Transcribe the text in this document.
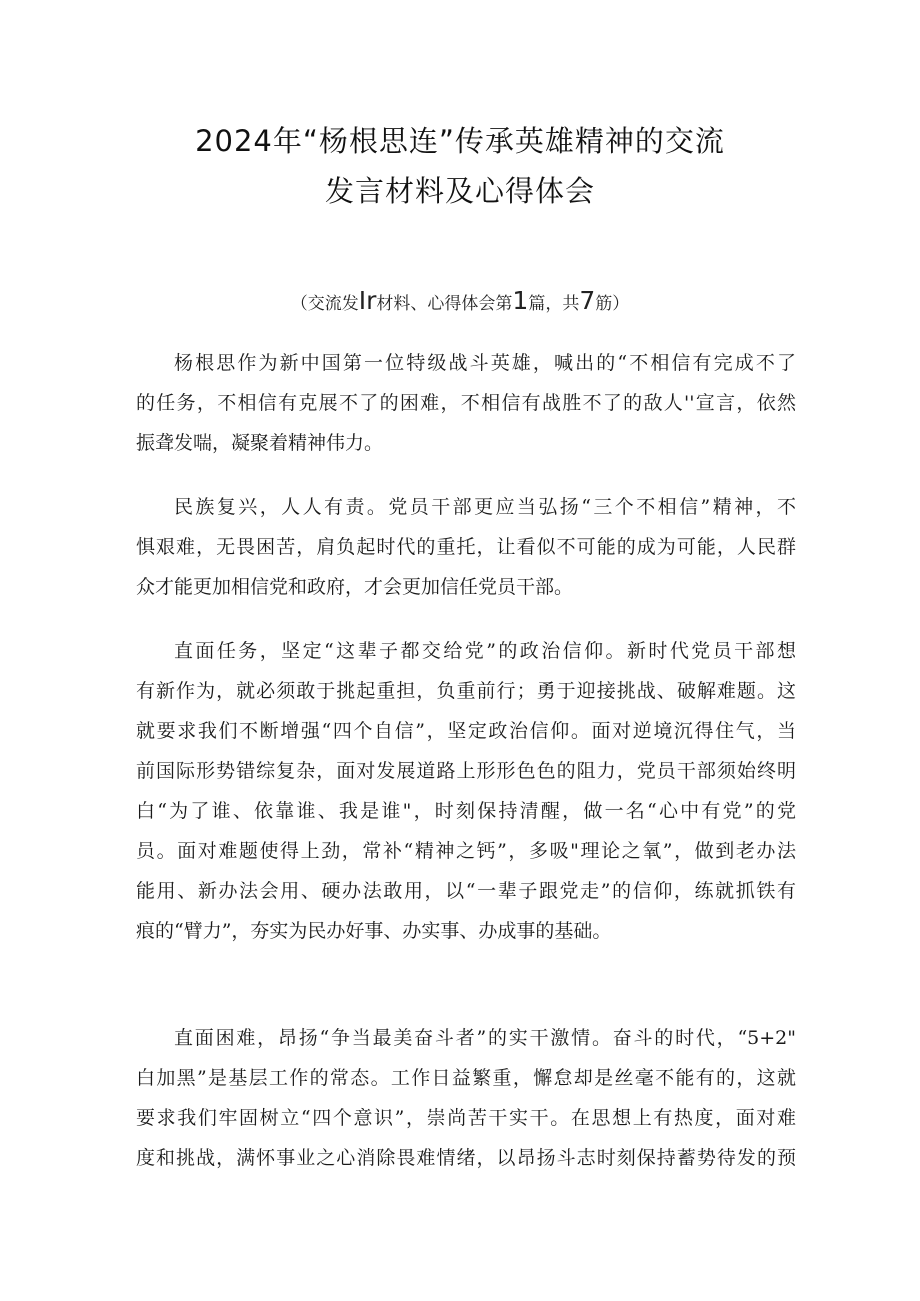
2024年“杨根思连”传承英雄精神的交流
发言材料及心得体会
（交流发Ir材料、心得体会第1篇，共7筋）
杨根思作为新中国第一位特级战斗英雄，喊出的“不相信有完成不了
的任务，不相信有克展不了的困难，不相信有战胜不了的敌人''宣言，依然
振聋发喘，凝聚着精神伟力。
民族复兴，人人有责。党员干部更应当弘扬“三个不相信”精神，不
惧艰难，无畏困苦，肩负起时代的重托，让看似不可能的成为可能，人民群
众才能更加相信党和政府，才会更加信任党员干部。
直面任务，坚定“这辈子都交给党”的政治信仰。新时代党员干部想
有新作为，就必须敢于挑起重担，负重前行；勇于迎接挑战、破解难题。这
就要求我们不断增强“四个自信”，坚定政治信仰。面对逆境沉得住气，当
前国际形势错综复杂，面对发展道路上形形色色的阻力，党员干部须始终明
白“为了谁、依靠谁、我是谁"，时刻保持清醒，做一名“心中有党”的党
员。面对难题使得上劲，常补“精神之钙”，多吸"理论之氧”，做到老办法
能用、新办法会用、硬办法敢用，以“一辈子跟党走”的信仰，练就抓铁有
痕的“臂力”，夯实为民办好事、办实事、办成事的基础。
直面困难，昂扬“争当最美奋斗者”的实干激情。奋斗的时代，“5+2"
白加黑”是基层工作的常态。工作日益繁重，懈怠却是丝毫不能有的，这就
要求我们牢固树立“四个意识”，崇尚苦干实干。在思想上有热度，面对难
度和挑战，满怀事业之心消除畏难情绪，以昂扬斗志时刻保持蓄势待发的预
